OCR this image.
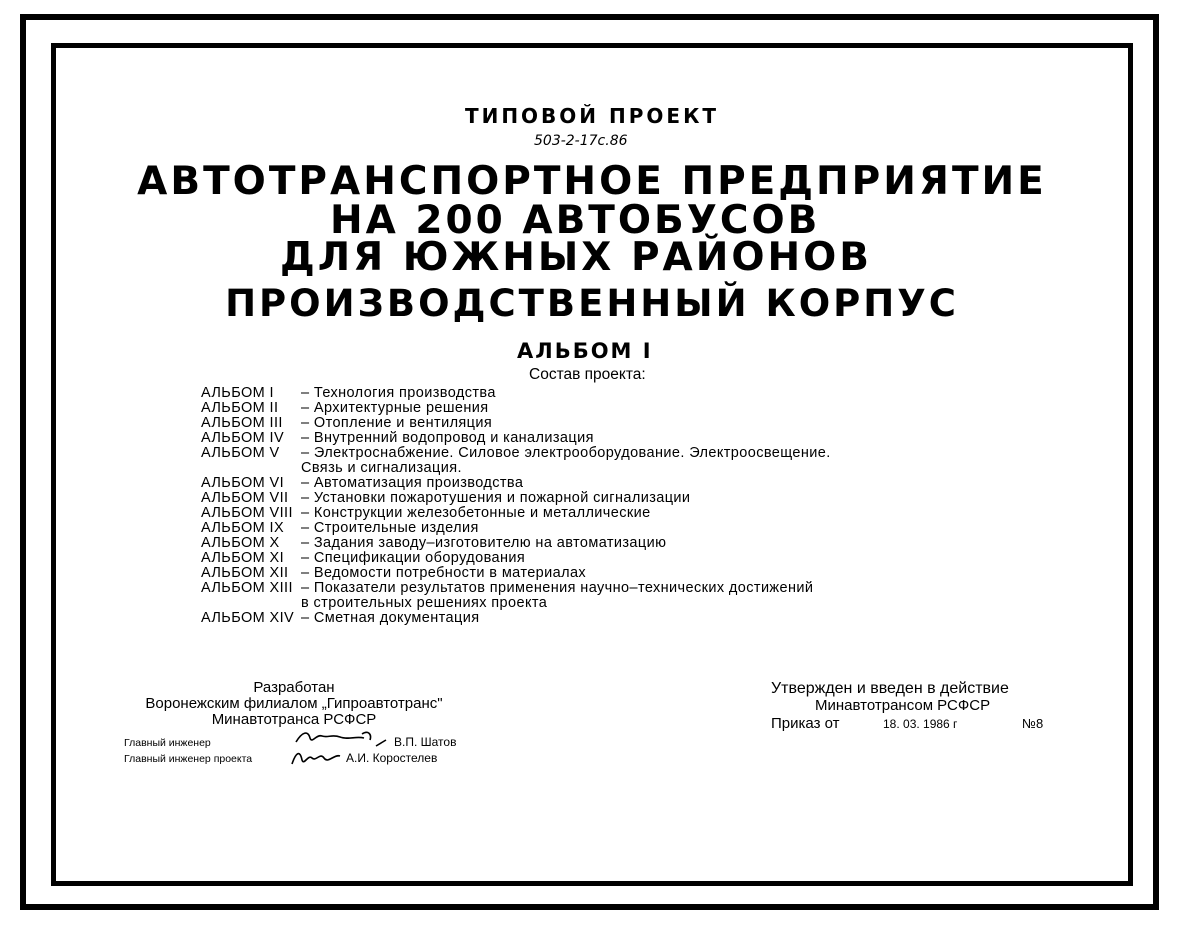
ТИПОВОЙ ПРОЕКТ
503-2-17с.86
АВТОТРАНСПОРТНОЕ ПРЕДПРИЯТИЕ
НА 200 АВТОБУСОВ
ДЛЯ ЮЖНЫХ РАЙОНОВ
ПРОИЗВОДСТВЕННЫЙ КОРПУС
АЛЬБОМ I
Состав проекта:
АЛЬБОМ I – Технология производства
АЛЬБОМ II – Архитектурные решения
АЛЬБОМ III – Отопление и вентиляция
АЛЬБОМ IV – Внутренний водопровод и канализация
АЛЬБОМ V – Электроснабжение. Силовое электрооборудование. Электроосвещение.
Связь и сигнализация.
АЛЬБОМ VI – Автоматизация производства
АЛЬБОМ VII – Установки пожаротушения и пожарной сигнализации
АЛЬБОМ VIII – Конструкции железобетонные и металлические
АЛЬБОМ IX – Строительные изделия
АЛЬБОМ X – Задания заводу–изготовителю на автоматизацию
АЛЬБОМ XI – Спецификации оборудования
АЛЬБОМ XII – Ведомости потребности в материалах
АЛЬБОМ XIII – Показатели результатов применения научно–технических достижений
в строительных решениях проекта
АЛЬБОМ XIV – Сметная документация
Разработан
Воронежским филиалом „Гипроавтотранс"
Минавтотранса РСФСР
Главный инженер	В.П. Шатов
Главный инженер проекта	А.И. Коростелев
Утвержден и введен в действие
Минавтотрансом РСФСР
Приказ от	18. 03. 1986 г	№8
